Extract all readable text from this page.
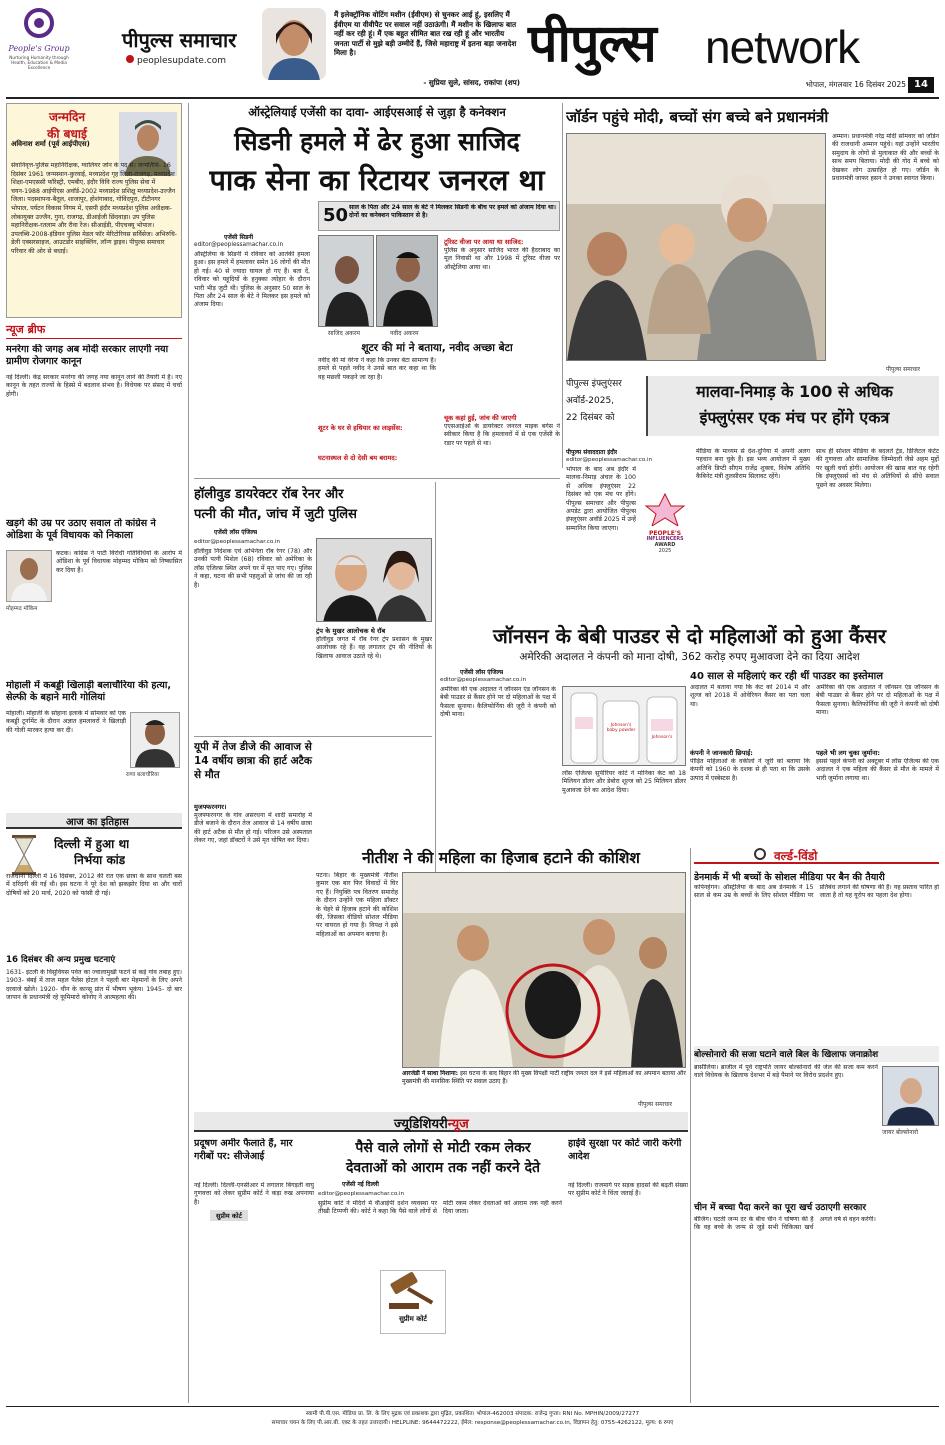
People's Group
Nurturing Humanity through Health, Education & Media Excellence
पीपुल्स समाचार
peoplesupdate.com
मैं इलेक्ट्रॉनिक वोटिंग मशीन (ईवीएम) से चुनकर आई हूं, इसलिए मैं ईवीएम या वीवीपैट पर सवाल नहीं उठाऊंगी। मैं मशीन के खिलाफ बात नहीं कर रही हूं। मैं एक बहुत सीमित बात रख रही हूं और भारतीय जनता पार्टी से मुझे बड़ी उम्मीदें हैं, जिसे महाराष्ट्र में इतना बड़ा जनादेश मिला है।
- सुप्रिया सुले, सांसद, राकांपा (शप)
पीपुल्स network
भोपाल, मंगलवार 16 दिसंबर 2025 14
जन्मदिन
की बधाई
अविनाश शर्मा (पूर्व आईपीएस)
सेवानिवृत्त-पुलिस महानिरीक्षक, ग्वालियर जोन के पद से। जन्मतिथि- 16 दिसंबर 1961 जन्मस्थान-कुरवाई, मध्यप्रदेश गृह जिला-राजगढ़, मध्यप्रदेश शिक्षा-एमएससी फॉरेस्ट्री, एमबीए, इंदौर विवि राज्य पुलिस सेवा में चयन-1988 आईपीएस अवॉर्ड-2002 मध्यप्रदेश प्रशिक्षु मध्यप्रदेश-उज्जैन जिला। पदस्थापना-बैतूल, शाजापुर, होशंगाबाद, गोविंदपुरा, टीटीनगर भोपाल, पर्यटन विकास निगम में, एसपी इंदौर मध्यप्रदेश पुलिस अधीक्षक-लोकायुक्त उज्जैन, गुना, राजगढ़, डीआईजी छिंदवाड़ा। उप पुलिस महानिरीक्षक-रतलाम और रीवा रेंज। सीआईडी, पीएचक्यू भोपाल। उपलब्धि-2008-इंडियन पुलिस मेडल फॉर मेरिटोरियस सर्विसेज। अभिरुचि-डेली एक्सरसाइज, आउटडोर साइक्लिंग, लॉन्ग ड्राइव। पीपुल्स समाचार परिवार की ओर से बधाई।
न्यूज ब्रीफ
मनरेगा की जगह अब मोदी सरकार लाएगी नया ग्रामीण रोजगार कानून
नई दिल्ली। केंद्र सरकार मनरेगा की जगह नया कानून लाने की तैयारी में है। नए कानून के तहत राज्यों के हिस्से में बदलाव संभव है। विधेयक पर संसद में चर्चा होगी।
खड़गे की उम्र पर उठाए सवाल तो कांग्रेस ने ओडिशा के पूर्व विधायक को निकाला
मोहम्मद मोकिम
कटक। कांग्रेस ने पार्टी विरोधी गतिविधियों के आरोप में ओडिशा के पूर्व विधायक मोहम्मद मोकिम को निष्कासित कर दिया है।
मोहाली में कबड्डी खिलाड़ी बलाचौरिया की हत्या, सेल्फी के बहाने मारी गोलियां
मोहाली। मोहाली के सोहाना इलाके में सोमवार को एक कबड्डी टूर्नामेंट के दौरान अज्ञात हमलावरों ने खिलाड़ी की गोली मारकर हत्या कर दी।
राणा बलाचौरिया
आज का इतिहास
दिल्ली में हुआ था
निर्भया कांड
राजधानी दिल्ली में 16 दिसंबर, 2012 की रात एक छात्रा के साथ चलती बस में दरिंदगी की गई थी। इस घटना ने पूरे देश को झकझोर दिया था और चारों दोषियों को 20 मार्च, 2020 को फांसी दी गई।
16 दिसंबर की अन्य प्रमुख घटनाएं
1631- इटली के विसुवियस पर्वत का ज्वालामुखी फटने से कई गांव तबाह हुए। 1903- बंबई में ताज महल पैलेस होटल ने पहली बार मेहमानों के लिए अपने दरवाजे खोले। 1920- चीन के कान्सू प्रांत में भीषण भूकंप। 1945- दो बार जापान के प्रधानमंत्री रहे फूमिमारो कोनोए ने आत्महत्या की।
ऑस्ट्रेलियाई एजेंसी का दावा- आईएसआई से जुड़ा है कनेक्शन
सिडनी हमले में ढेर हुआ साजिद
पाक सेना का रिटायर जनरल था
50 साल के पिता और 24 साल के बेटे ने मिलकर सिडनी के बीच पर हमले को अंजाम दिया था। दोनों का कनेक्शन पाकिस्तान से है।
एजेंसी सिडनी
editor@peoplessamachar.co.in
ऑस्ट्रेलिया के सिडनी में रविवार को आतंकी हमला हुआ। इस हमले में हमलावर समेत 16 लोगों की मौत हो गई। 40 से ज्यादा घायल हो गए हैं। बता दें, रविवार को यहूदियों के हनुक्का त्योहार के दौरान भारी भीड़ जुटी थी। पुलिस के अनुसार 50 साल के पिता और 24 साल के बेटे ने मिलकर इस हमले को अंजाम दिया।
साजिद अकरम	नवीद अकरम
टूरिस्ट वीजा पर आया था साजिद:
पुलिस के अनुसार साजिद भारत की हैदराबाद का मूल निवासी था और 1998 में टूरिस्ट वीजा पर ऑस्ट्रेलिया आया था।
शूटर की मां ने बताया, नवीद अच्छा बेटा
नवीद की मां वेरेना ने कहा कि उनका बेटा सामान्य है। हमले से पहले नवीद ने उनसे बात कर कहा था कि वह मछली पकड़ने जा रहा है।
चूक कहां हुई, जांच की जाएगी
एएसआईओ के डायरेक्टर जनरल माइक बर्गेस ने स्वीकार किया है कि हमलावरों में से एक एजेंसी के रडार पर पहले से था।
शूटर के घर से हथियार का लाइसेंस:
घटनास्थल से दो देसी बम बरामद:
जॉर्डन पहुंचे मोदी, बच्चों संग बच्चे बने प्रधानमंत्री
अम्मान। प्रधानमंत्री नरेंद्र मोदी सोमवार को जॉर्डन की राजधानी अम्मान पहुंचे। यहां उन्होंने भारतीय समुदाय के लोगों से मुलाकात की और बच्चों के साथ समय बिताया। मोदी की गोद में बच्चे को देखकर लोग उत्साहित हो गए। जॉर्डन के प्रधानमंत्री जाफर हसन ने उनका स्वागत किया।
पीपुल्स समाचार
पीपुल्स इंफ्लुएंसर
अवॉर्ड-2025,
22 दिसंबर को
मालवा-निमाड़ के 100 से अधिक
इंफ्लुएंसर एक मंच पर होंगे एकत्र
पीपुल्स संवाददाता इंदौर
editor@peoplessamachar.co.in
भोपाल के बाद अब इंदौर में मालवा-निमाड़ अंचल के 100 से अधिक इंफ्लुएंसर 22 दिसंबर को एक मंच पर होंगे। पीपुल्स समाचार और पीपुल्स अपडेट द्वारा आयोजित पीपुल्स इंफ्लुएंसर अवॉर्ड 2025 में उन्हें सम्मानित किया जाएगा।
PEOPLE'S
INFLUENCERS
AWARD
2025
मीडिया के माध्यम से देश-दुनिया में अपनी अलग पहचान बना चुके हैं। इस भव्य आयोजन में मुख्य अतिथि डिप्टी सीएम राजेंद्र शुक्ला, विशेष अतिथि कैबिनेट मंत्री तुलसीराम सिलावट रहेंगे।
साथ ही सोशल मीडिया के बदलते ट्रेंड, डिजिटल कंटेंट की गुणवत्ता और सामाजिक जिम्मेदारी जैसे अहम मुद्दों पर खुली चर्चा होगी। आयोजन की खास बात यह रहेगी कि इंफ्लुएंसर्स को मंच से अतिथियों से सीधे सवाल पूछने का अवसर मिलेगा।
हॉलीवुड डायरेक्टर रॉब रेनर और
पत्नी की मौत, जांच में जुटी पुलिस
एजेंसी लॉस एंजिल्स
editor@peoplessamachar.co.in
हॉलीवुड निर्देशक एवं अभिनेता रॉब रेनर (78) और उनकी पत्नी मिशेल (68) रविवार को अमेरिका के लॉस एंजिल्स स्थित अपने घर में मृत पाए गए। पुलिस ने कहा, घटना की सभी पहलुओं से जांच की जा रही है।
ट्रंप के मुखर आलोचक थे रॉब
हॉलीवुड जगत में रॉब रेनर ट्रंप प्रशासन के मुखर आलोचक रहे हैं। वह लगातार ट्रंप की नीतियों के खिलाफ आवाज उठाते रहे थे।
जॉनसन के बेबी पाउडर से दो महिलाओं को हुआ कैंसर
अमेरिकी अदालत ने कंपनी को माना दोषी, 362 करोड़ रुपए मुआवजा देने का दिया आदेश
एजेंसी लॉस एंजिल्स
editor@peoplessamachar.co.in
अमेरिका की एक अदालत ने जॉनसन एंड जॉनसन के बेबी पाउडर से कैंसर होने पर दो महिलाओं के पक्ष में फैसला सुनाया। कैलिफोर्निया की जूरी ने कंपनी को दोषी माना।
Johnson's baby powder
Johnson's
40 साल से महिलाएं कर रही थीं पाउडर का इस्तेमाल
अदालत में बताया गया कि केंट को 2014 में और शूल्ज को 2018 में ओवेरियन कैंसर का पता चला था।
लॉस एंजिल्स सुपीरियर कोर्ट ने मोनिका केंट को 18 मिलियन डॉलर और डेबोरा शूल्ज को 25 मिलियन डॉलर मुआवजा देने का आदेश दिया।
कंपनी ने जानकारी छिपाई:
पीड़ित महिलाओं के वकीलों ने जूरी को बताया कि कंपनी को 1960 के दशक से ही पता था कि उसके उत्पाद में एस्बेस्टस है।
अमेरिका की एक अदालत ने जॉनसन एंड जॉनसन के बेबी पाउडर से कैंसर होने पर दो महिलाओं के पक्ष में फैसला सुनाया। कैलिफोर्निया की जूरी ने कंपनी को दोषी माना।
पहले भी लग चुका जुर्माना:
इससे पहले कंपनी को अक्टूबर में लॉस एंजिल्स की एक अदालत ने एक महिला की कैंसर से मौत के मामले में भारी जुर्माना लगाया था।
यूपी में तेज डीजे की आवाज से 14 वर्षीय छात्रा की हार्ट अटैक से मौत
मुजफ्फरनगर।
मुजफ्फरनगर के गांव असरधना में शादी समारोह में डीजे बजाने के दौरान तेज आवाज से 14 वर्षीय छात्रा की हार्ट अटैक से मौत हो गई। परिजन उसे अस्पताल लेकर गए, जहां डॉक्टरों ने उसे मृत घोषित कर दिया।
नीतीश ने की महिला का हिजाब हटाने की कोशिश
पटना। बिहार के मुख्यमंत्री नीतीश कुमार एक बार फिर विवादों में घिर गए हैं। नियुक्ति पत्र वितरण समारोह के दौरान उन्होंने एक महिला डॉक्टर के चेहरे से हिजाब हटाने की कोशिश की, जिसका वीडियो सोशल मीडिया पर वायरल हो गया है। विपक्ष ने इसे महिलाओं का अपमान बताया है।
आरजेडी ने साधा निशाना: इस घटना के बाद बिहार की मुख्य विपक्षी पार्टी राष्ट्रीय जनता दल ने इसे महिलाओं का अपमान बताया और मुख्यमंत्री की मानसिक स्थिति पर सवाल उठाए हैं।
पीपुल्स समाचार
वर्ल्ड-विंडो
डेनमार्क में भी बच्चों के सोशल मीडिया पर बैन की तैयारी
कोपेनहेगन। ऑस्ट्रेलिया के बाद अब डेनमार्क ने 15 साल से कम उम्र के बच्चों के लिए सोशल मीडिया पर प्रतिबंध लगाने की घोषणा की है। यह प्रस्ताव पारित हो जाता है तो यह यूरोप का पहला देश होगा।
बोल्सोनारो की सजा घटाने वाले बिल के खिलाफ जनाक्रोश
ब्रासीलिया। ब्राजील में पूर्व राष्ट्रपति जायर बोल्सोनारो की जेल की सजा कम करने वाले विधेयक के खिलाफ देशभर में बड़े पैमाने पर विरोध प्रदर्शन हुए।
जायर बोल्सोनारो
चीन में बच्चा पैदा करने का पूरा खर्च उठाएगी सरकार
बीजिंग। घटती जन्म दर के बीच चीन ने घोषणा की है कि वह बच्चे के जन्म से जुड़े सभी चिकित्सा खर्च अगले वर्ष से वहन करेगी।
ज्यूडिशियरीन्यूज
प्रदूषण अमीर फैलाते हैं, मार गरीबों पर: सीजेआई
नई दिल्ली। दिल्ली-एनसीआर में लगातार बिगड़ती वायु गुणवत्ता को लेकर सुप्रीम कोर्ट ने कड़ा रुख अपनाया है।
सुप्रीम कोर्ट
पैसे वाले लोगों से मोटी रकम लेकर
देवताओं को आराम तक नहीं करने देते
एजेंसी नई दिल्ली
editor@peoplessamachar.co.in
सुप्रीम कोर्ट ने मंदिरों में वीआईपी दर्शन व्यवस्था पर तीखी टिप्पणी की। कोर्ट ने कहा कि पैसे वाले लोगों से मोटी रकम लेकर देवताओं को आराम तक नहीं करने दिया जाता।
सुप्रीम कोर्ट
हाईवे सुरक्षा पर कोर्ट जारी करेगी आदेश
नई दिल्ली। राजमार्ग पर सड़क हादसों की बढ़ती संख्या पर सुप्रीम कोर्ट ने चिंता जताई है।
स्वामी पी.पी.एस. मीडिया प्रा. लि. के लिए मुद्रक एवं प्रकाशक द्वारा मुद्रित, प्रकाशित। भोपाल-462003 संपादक: राजेन्द्र गुप्ता। RNI No. MPHIN/2009/27277
समाचार चयन के लिए पी.आर.बी. एक्ट के तहत उत्तरदायी। HELPLINE: 9644472222, ईमेल: response@peoplessamachar.co.in, विज्ञापन हेतु: 0755-4262122, मूल्य: 6 रुपए
